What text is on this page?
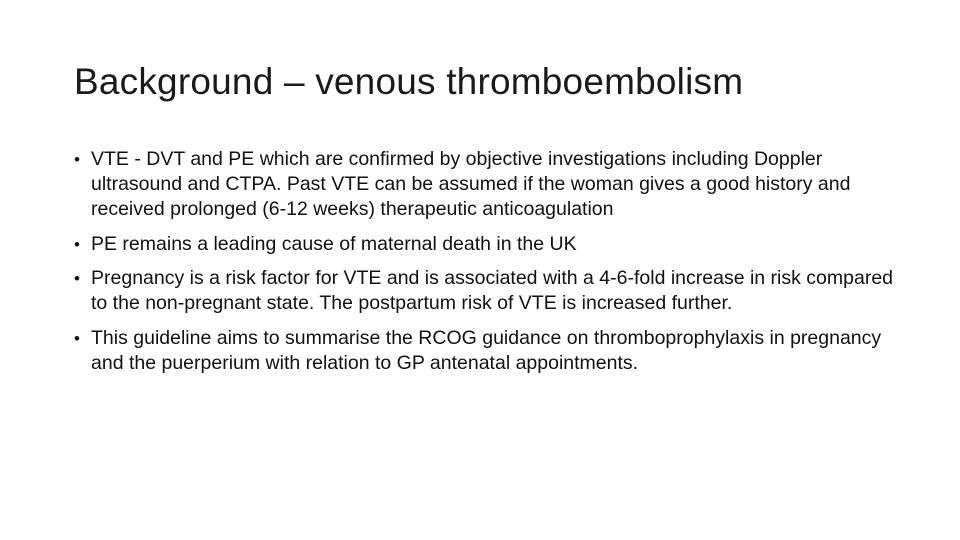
Background – venous thromboembolism
• VTE - DVT and PE which are confirmed by objective investigations including Doppler ultrasound and CTPA. Past VTE can be assumed if the woman gives a good history and received prolonged (6-12 weeks) therapeutic anticoagulation
• PE remains a leading cause of maternal death in the UK
• Pregnancy is a risk factor for VTE and is associated with a 4-6-fold increase in risk compared to the non-pregnant state. The postpartum risk of VTE is increased further.
• This guideline aims to summarise the RCOG guidance on thromboprophylaxis in pregnancy and the puerperium with relation to GP antenatal appointments.
